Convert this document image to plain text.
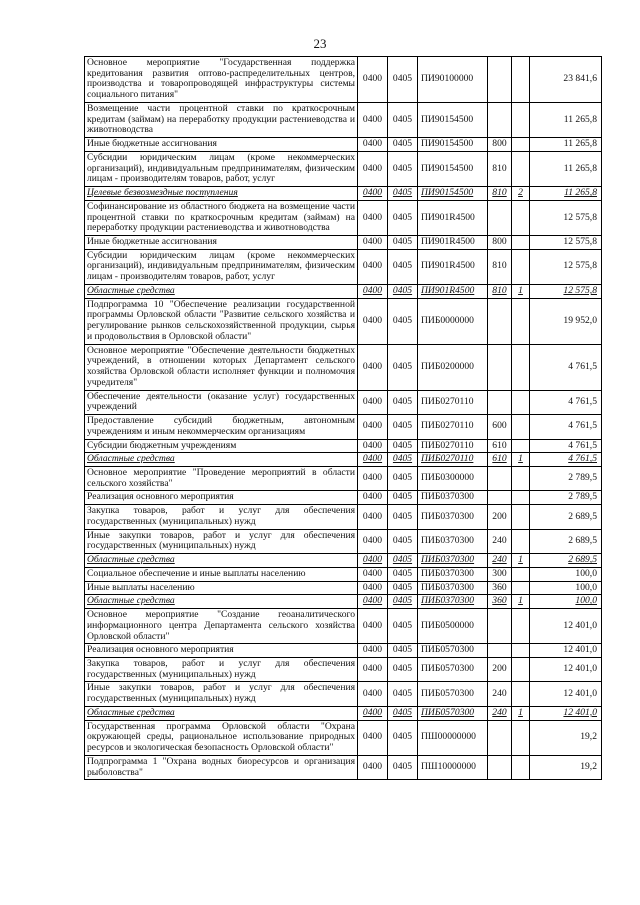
23
Основное мероприятие "Государственная поддержка кредитования развития оптово-распределительных центров, производства и товаропроводящей инфраструктуры системы социального питания"	0400	0405	ПИ90100000			23 841,6
Возмещение части процентной ставки по краткосрочным кредитам (займам) на переработку продукции растениеводства и животноводства	0400	0405	ПИ90154500			11 265,8
Иные бюджетные ассигнования	0400	0405	ПИ90154500	800		11 265,8
Субсидии юридическим лицам (кроме некоммерческих организаций), индивидуальным предпринимателям, физическим лицам - производителям товаров, работ, услуг	0400	0405	ПИ90154500	810		11 265,8
Целевые безвозмездные поступления	0400	0405	ПИ90154500	810	2	11 265,8
Софинансирование из областного бюджета на возмещение части процентной ставки по краткосрочным кредитам (займам) на переработку продукции растениеводства и животноводства	0400	0405	ПИ901R4500			12 575,8
Иные бюджетные ассигнования	0400	0405	ПИ901R4500	800		12 575,8
Субсидии юридическим лицам (кроме некоммерческих организаций), индивидуальным предпринимателям, физическим лицам - производителям товаров, работ, услуг	0400	0405	ПИ901R4500	810		12 575,8
Областные средства	0400	0405	ПИ901R4500	810	1	12 575,8
Подпрограмма 10 "Обеспечение реализации государственной программы Орловской области "Развитие сельского хозяйства и регулирование рынков сельскохозяйственной продукции, сырья и продовольствия в Орловской области"	0400	0405	ПИБ0000000			19 952,0
Основное мероприятие "Обеспечение деятельности бюджетных учреждений, в отношении которых Департамент сельского хозяйства Орловской области исполняет функции и полномочия учредителя"	0400	0405	ПИБ0200000			4 761,5
Обеспечение деятельности (оказание услуг) государственных учреждений	0400	0405	ПИБ0270110			4 761,5
Предоставление субсидий бюджетным, автономным учреждениям и иным некоммерческим организациям	0400	0405	ПИБ0270110	600		4 761,5
Субсидии бюджетным учреждениям	0400	0405	ПИБ0270110	610		4 761,5
Областные средства	0400	0405	ПИБ0270110	610	1	4 761,5
Основное мероприятие "Проведение мероприятий в области сельского хозяйства"	0400	0405	ПИБ0300000			2 789,5
Реализация основного мероприятия	0400	0405	ПИБ0370300			2 789,5
Закупка товаров, работ и услуг для обеспечения государственных (муниципальных) нужд	0400	0405	ПИБ0370300	200		2 689,5
Иные закупки товаров, работ и услуг для обеспечения государственных (муниципальных) нужд	0400	0405	ПИБ0370300	240		2 689,5
Областные средства	0400	0405	ПИБ0370300	240	1	2 689,5
Социальное обеспечение и иные выплаты населению	0400	0405	ПИБ0370300	300		100,0
Иные выплаты населению	0400	0405	ПИБ0370300	360		100,0
Областные средства	0400	0405	ПИБ0370300	360	1	100,0
Основное мероприятие "Создание геоаналитического информационного центра Департамента сельского хозяйства Орловской области"	0400	0405	ПИБ0500000			12 401,0
Реализация основного мероприятия	0400	0405	ПИБ0570300			12 401,0
Закупка товаров, работ и услуг для обеспечения государственных (муниципальных) нужд	0400	0405	ПИБ0570300	200		12 401,0
Иные закупки товаров, работ и услуг для обеспечения государственных (муниципальных) нужд	0400	0405	ПИБ0570300	240		12 401,0
Областные средства	0400	0405	ПИБ0570300	240	1	12 401,0
Государственная программа Орловской области "Охрана окружающей среды, рациональное использование природных ресурсов и экологическая безопасность Орловской области"	0400	0405	ПШ00000000			19,2
Подпрограмма 1 "Охрана водных биоресурсов и организация рыболовства"	0400	0405	ПШ10000000			19,2
